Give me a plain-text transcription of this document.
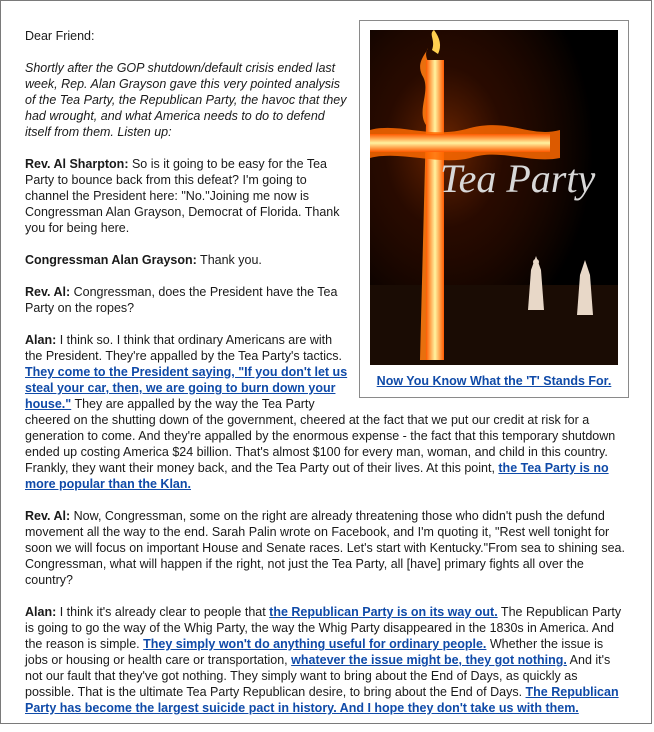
Tea Party
Now You Know What the 'T' Stands For.

Dear Friend:

Shortly after the GOP shutdown/default crisis ended last week, Rep. Alan Grayson gave this very pointed analysis of the Tea Party, the Republican Party, the havoc that they had wrought, and what America needs to do to defend itself from them. Listen up:

Rev. Al Sharpton: So is it going to be easy for the Tea Party to bounce back from this defeat? I'm going to channel the President here: "No."Joining me now is Congressman Alan Grayson, Democrat of Florida. Thank you for being here.

Congressman Alan Grayson: Thank you.

Rev. Al: Congressman, does the President have the Tea Party on the ropes?

Alan: I think so. I think that ordinary Americans are with the President. They're appalled by the Tea Party's tactics. They come to the President saying, "If you don't let us steal your car, then, we are going to burn down your house." They are appalled by the way the Tea Party cheered on the shutting down of the government, cheered at the fact that we put our credit at risk for a generation to come. And they're appalled by the enormous expense - the fact that this temporary shutdown ended up costing America $24 billion. That's almost $100 for every man, woman, and child in this country. Frankly, they want their money back, and the Tea Party out of their lives. At this point, the Tea Party is no more popular than the Klan.

Rev. Al: Now, Congressman, some on the right are already threatening those who didn't push the defund movement all the way to the end. Sarah Palin wrote on Facebook, and I'm quoting it, "Rest well tonight for soon we will focus on important House and Senate races. Let's start with Kentucky."From sea to shining sea. Congressman, what will happen if the right, not just the Tea Party, all [have] primary fights all over the country?

Alan: I think it's already clear to people that the Republican Party is on its way out. The Republican Party is going to go the way of the Whig Party, the way the Whig Party disappeared in the 1830s in America. And the reason is simple. They simply won't do anything useful for ordinary people. Whether the issue is jobs or housing or health care or transportation, whatever the issue might be, they got nothing. And it's not our fault that they've got nothing. They simply want to bring about the End of Days, as quickly as possible. That is the ultimate Tea Party Republican desire, to bring about the End of Days. The Republican Party has become the largest suicide pact in history. And I hope they don't take us with them.
